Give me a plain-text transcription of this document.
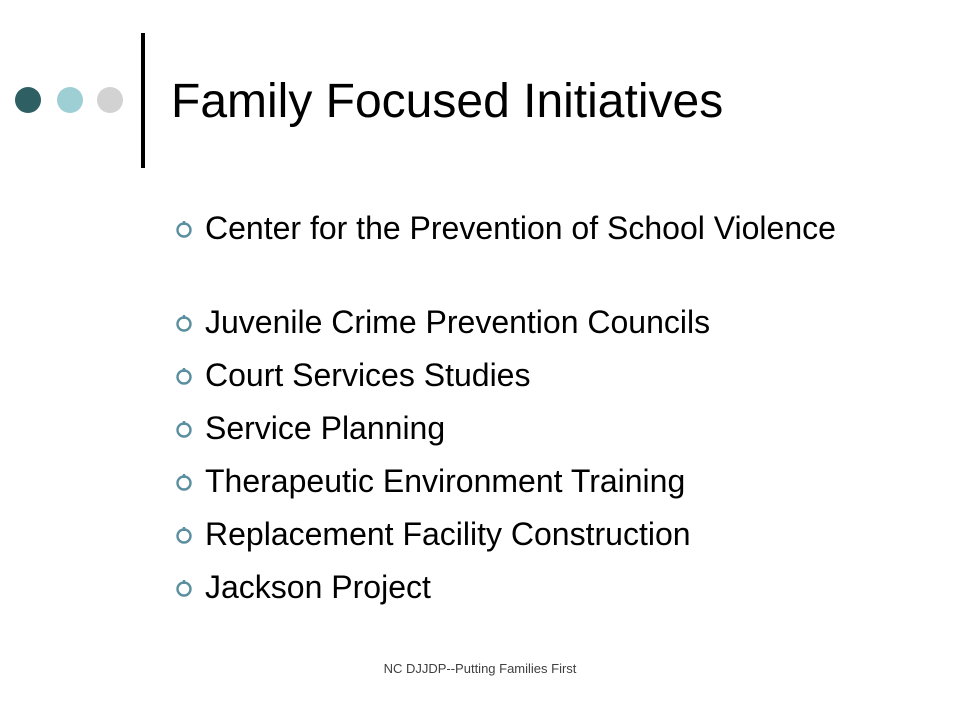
Family Focused Initiatives
Center for the Prevention of School Violence
Juvenile Crime Prevention Councils
Court Services Studies
Service Planning
Therapeutic Environment Training
Replacement Facility Construction
Jackson Project
NC DJJDP--Putting Families First
